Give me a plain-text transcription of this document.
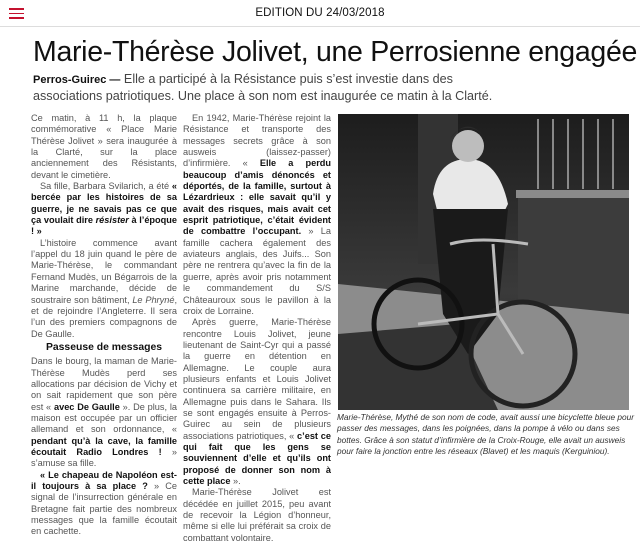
EDITION DU 24/03/2018
Marie-Thérèse Jolivet, une Perrosienne engagée
Perros-Guirec — Elle a participé à la Résistance puis s’est investie dans des associations patriotiques. Une place à son nom est inaugurée ce matin à la Clarté.

Ce matin, à 11 h, la plaque commémorative « Place Marie Thérèse Jolivet » sera inaugurée à la Clarté, sur la place anciennement des Résistants, devant le cimetière.

Sa fille, Barbara Svilarich, a été « bercée par les histoires de sa guerre, je ne savais pas ce que ça voulait dire résister à l’époque ! »

L’histoire commence avant l’appel du 18 juin quand le père de Marie-Thérèse, le commandant Fernand Mudès, un Bégarrois de la Marine marchande, décide de soustraire son bâtiment, Le Phryné, et de rejoindre l’Angleterre. Il sera l’un des premiers compagnons de De Gaulle.

Passeuse de messages

Dans le bourg, la maman de Marie-Thérèse Mudès perd ses allocations par décision de Vichy et on sait rapidement que son père est « avec De Gaulle ». De plus, la maison est occupée par un officier allemand et son ordonnance, « pendant qu’à la cave, la famille écoutait Radio Londres ! » s’amuse sa fille.

« Le chapeau de Napoléon est-il toujours à sa place ? » Ce signal de l’insurrection générale en Bretagne fait partie des nombreux messages que la famille écoutait en cachette.

En 1942, Marie-Thérèse rejoint la Résistance et transporte des messages secrets grâce à son ausweis (laissez-passer) d’infirmière. « Elle a perdu beaucoup d’amis dénoncés et déportés, de la famille, surtout à Lézardrieux : elle savait qu’il y avait des risques, mais avait cet esprit patriotique, c’était évident de combattre l’occupant. » La famille cachera également des aviateurs anglais, des Juifs... Son père ne rentrera qu’avec la fin de la guerre, après avoir pris notamment le commandement du S/S Châteauroux sous le pavillon à la croix de Lorraine.

Après guerre, Marie-Thérèse rencontre Louis Jolivet, jeune lieutenant de Saint-Cyr qui a passé la guerre en détention en Allemagne. Le couple aura plusieurs enfants et Louis Jolivet continuera sa carrière militaire, en Allemagne puis dans le Sahara. Ils se sont engagés ensuite à Perros-Guirec au sein de plusieurs associations patriotiques, « c’est ce qui fait que les gens se souviennent d’elle et qu’ils ont proposé de donner son nom à cette place ».

Marie-Thérèse Jolivet est décédée en juillet 2015, peu avant de recevoir la Légion d’honneur, même si elle lui préférait sa croix de combattant volontaire.

Marie-Thérèse, Mythé de son nom de code, avait aussi une bicyclette bleue pour passer des messages, dans les poignées, dans la pompe à vélo ou dans ses bottes. Grâce à son statut d’infirmière de la Croix-Rouge, elle avait un ausweis pour faire la jonction entre les réseaux (Blavet) et les maquis (Kerguiniou).
